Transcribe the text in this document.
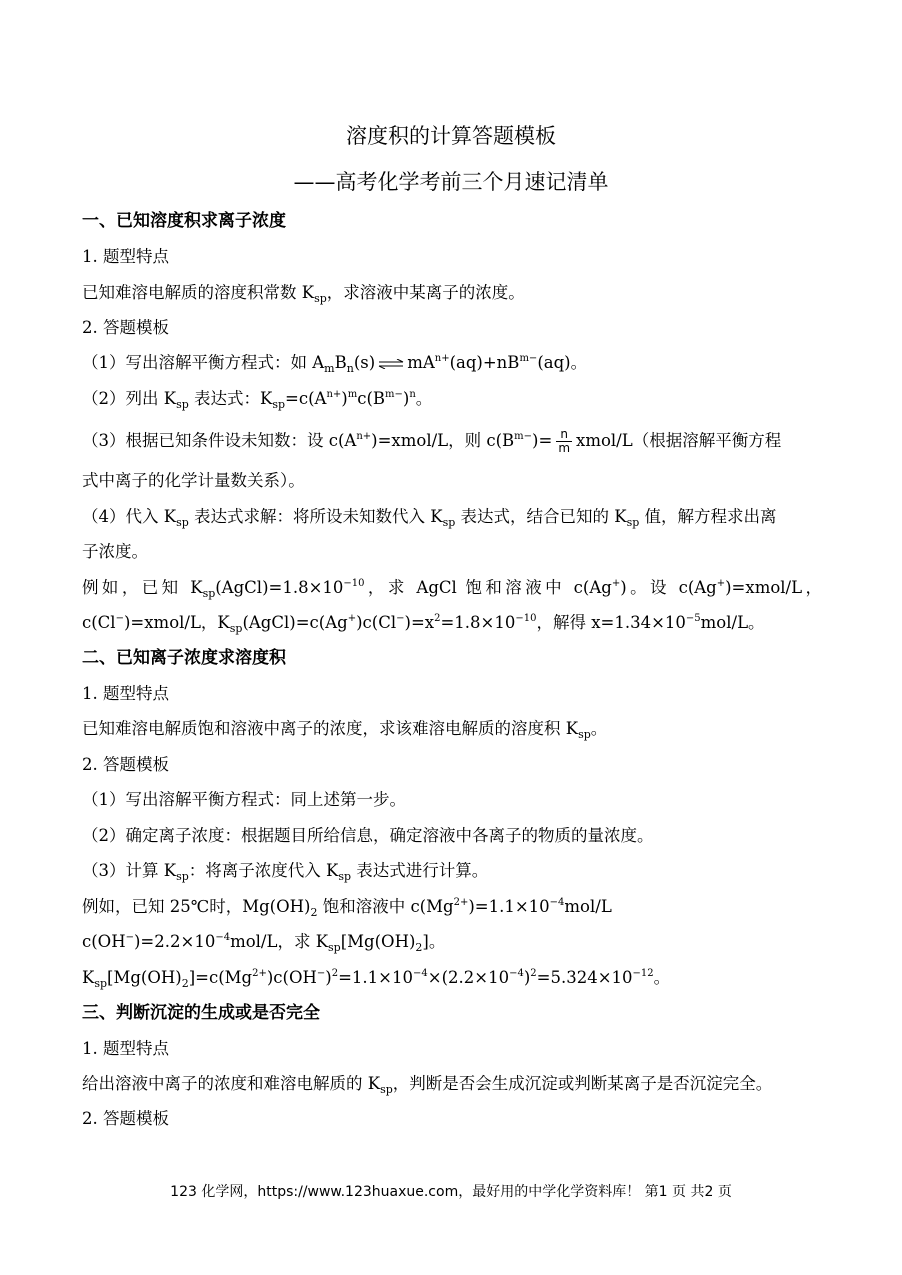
溶度积的计算答题模板
——高考化学考前三个月速记清单
一、已知溶度积求离子浓度
1. 题型特点
已知难溶电解质的溶度积常数 $K_{sp}$，求溶液中某离子的浓度。
2. 答题模板
（1）写出溶解平衡方程式：如 $A_mB_n(s)$ ⇌ $mA^{n+}(aq)+nB^{m-}(aq)$。
（2）列出 $K_{sp}$ 表达式：$K_{sp}=c(A^{n+})^mc(B^{m-})^n$。
（3）根据已知条件设未知数：设 $c(A^{n+})=xmol/L$，则 $c(B^{m-})= \frac{n}{m}$ xmol/L（根据溶解平衡方程
式中离子的化学计量数关系）。
（4）代入 $K_{sp}$ 表达式求解：将所设未知数代入 $K_{sp}$ 表达式，结合已知的 $K_{sp}$ 值，解方程求出离
子浓度。
例如，已知 $K_{sp}(AgCl)=1.8\times 10^{-10}$，求 AgCl 饱和溶液中 c(Ag+)。设 c(Ag+)=xmol/L，
c(Cl−)=xmol/L，$K_{sp}(AgCl)=c(Ag^+)c(Cl^-)=x^2=1.8\times 10^{-10}$，解得 $x=1.34\times 10^{-5}mol/L$。
二、已知离子浓度求溶度积
1. 题型特点
已知难溶电解质饱和溶液中离子的浓度，求该难溶电解质的溶度积 $K_{sp}$。
2. 答题模板
（1）写出溶解平衡方程式：同上述第一步。
（2）确定离子浓度：根据题目所给信息，确定溶液中各离子的物质的量浓度。
（3）计算 $K_{sp}$：将离子浓度代入 $K_{sp}$ 表达式进行计算。
例如，已知 25℃时，$Mg(OH)_2$ 饱和溶液中 $c(Mg^{2+})=1.1\times 10^{-4}mol/L$
$c(OH^-)=2.2\times 10^{-4}mol/L$，求 $K_{sp}[Mg(OH)_2]$。
$K_{sp}[Mg(OH)_2]=c(Mg^{2+})c(OH^-)^2=1.1\times 10^{-4}\times(2.2\times 10^{-4})^2=5.324\times 10^{-12}$。
三、判断沉淀的生成或是否完全
1. 题型特点
给出溶液中离子的浓度和难溶电解质的 $K_{sp}$，判断是否会生成沉淀或判断某离子是否沉淀完全。
2. 答题模板
123 化学网，https://www.123huaxue.com，最好用的中学化学资料库！ 第1 页 共2 页
